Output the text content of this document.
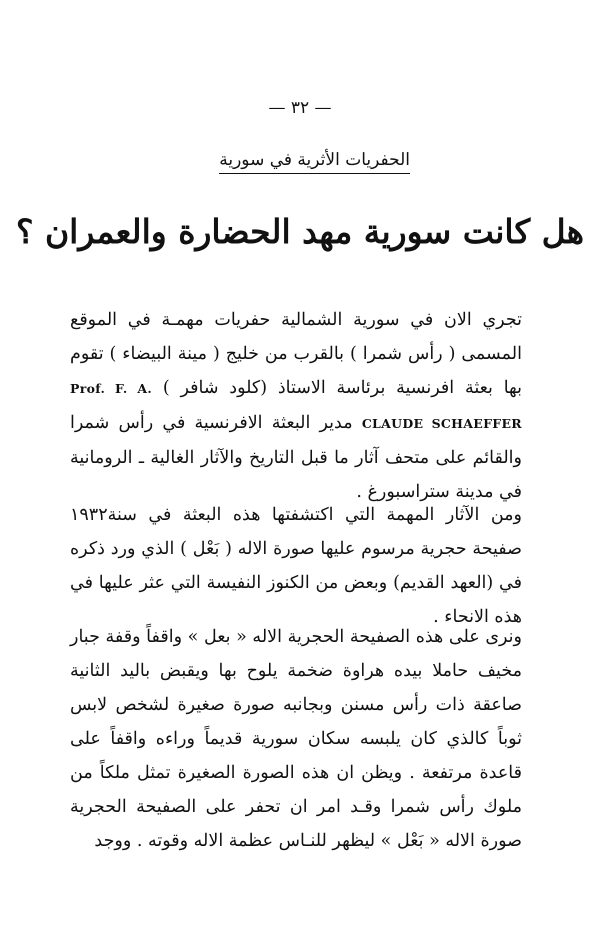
— ٣٢ —
الحفريات الأثرية في سورية
هل كانت سورية مهد الحضارة والعمران ؟

تجري الان في سورية الشمالية حفريات مهمـة في الموقع المسمى ( رأس شمرا ) بالقرب من خليج ( مينة البيضاء ) تقوم بها بعثة افرنسية برئاسة الاستاذ (كلود شافر ) Prof. F. A. CLAUDE SCHAEFFER مدير البعثة الافرنسية في رأس شمرا والقائم على متحف آثار ما قبل التاريخ والآثار الغالية ـ الرومانية في مدينة ستراسبورغ .

ومن الآثار المهمة التي اكتشفتها هذه البعثة في سنة١٩٣٢ صفيحة حجرية مرسوم عليها صورة الاله ( بَعْل ) الذي ورد ذكره في (العهد القديم) وبعض من الكنوز النفيسة التي عثر عليها في هذه الانحاء .

ونرى على هذه الصفيحة الحجرية الاله « بعل » واقفاً وقفة جبار مخيف حاملا بيده هراوة ضخمة يلوح بها ويقبض باليد الثانية صاعقة ذات رأس مسنن وبجانبه صورة صغيرة لشخص لابس ثوباً كالذي كان يلبسه سكان سورية قديماً وراءه واقفاً على قاعدة مرتفعة . ويظن ان هذه الصورة الصغيرة تمثل ملكاً من ملوك رأس شمرا وقـد امر ان تحفر على الصفيحة الحجرية صورة الاله « بَعْل » ليظهر للنـاس عظمة الاله وقوته . ووجد
